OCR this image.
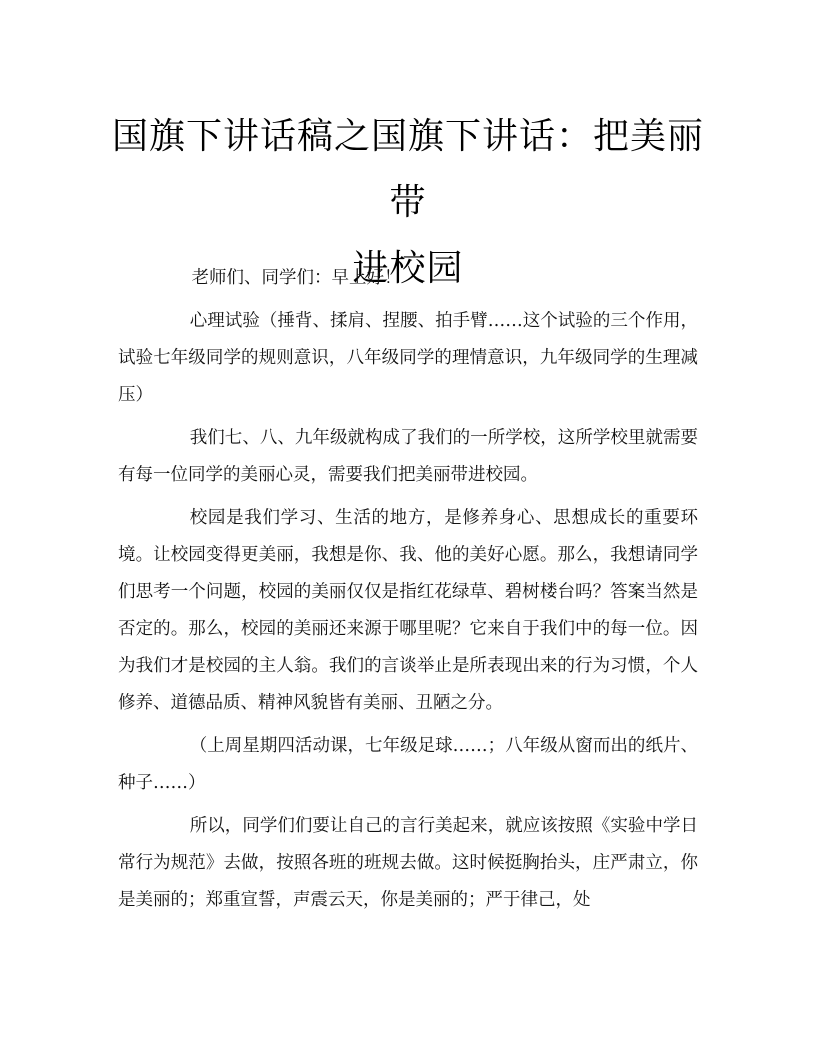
国旗下讲话稿之国旗下讲话：把美丽带
进校园

老师们、同学们：早上好！

心理试验（捶背、揉肩、捏腰、拍手臂……这个试验的三个作用，试验七年级同学的规则意识，八年级同学的理情意识，九年级同学的生理减压）

我们七、八、九年级就构成了我们的一所学校，这所学校里就需要有每一位同学的美丽心灵，需要我们把美丽带进校园。

校园是我们学习、生活的地方，是修养身心、思想成长的重要环境。让校园变得更美丽，我想是你、我、他的美好心愿。那么，我想请同学们思考一个问题，校园的美丽仅仅是指红花绿草、碧树楼台吗？答案当然是否定的。那么，校园的美丽还来源于哪里呢？它来自于我们中的每一位。因为我们才是校园的主人翁。我们的言谈举止是所表现出来的行为习惯，个人修养、道德品质、精神风貌皆有美丽、丑陋之分。

（上周星期四活动课，七年级足球……；八年级从窗而出的纸片、种子……）

所以，同学们们要让自己的言行美起来，就应该按照《实验中学日常行为规范》去做，按照各班的班规去做。这时候挺胸抬头，庄严肃立，你是美丽的；郑重宣誓，声震云天，你是美丽的；严于律己，处
